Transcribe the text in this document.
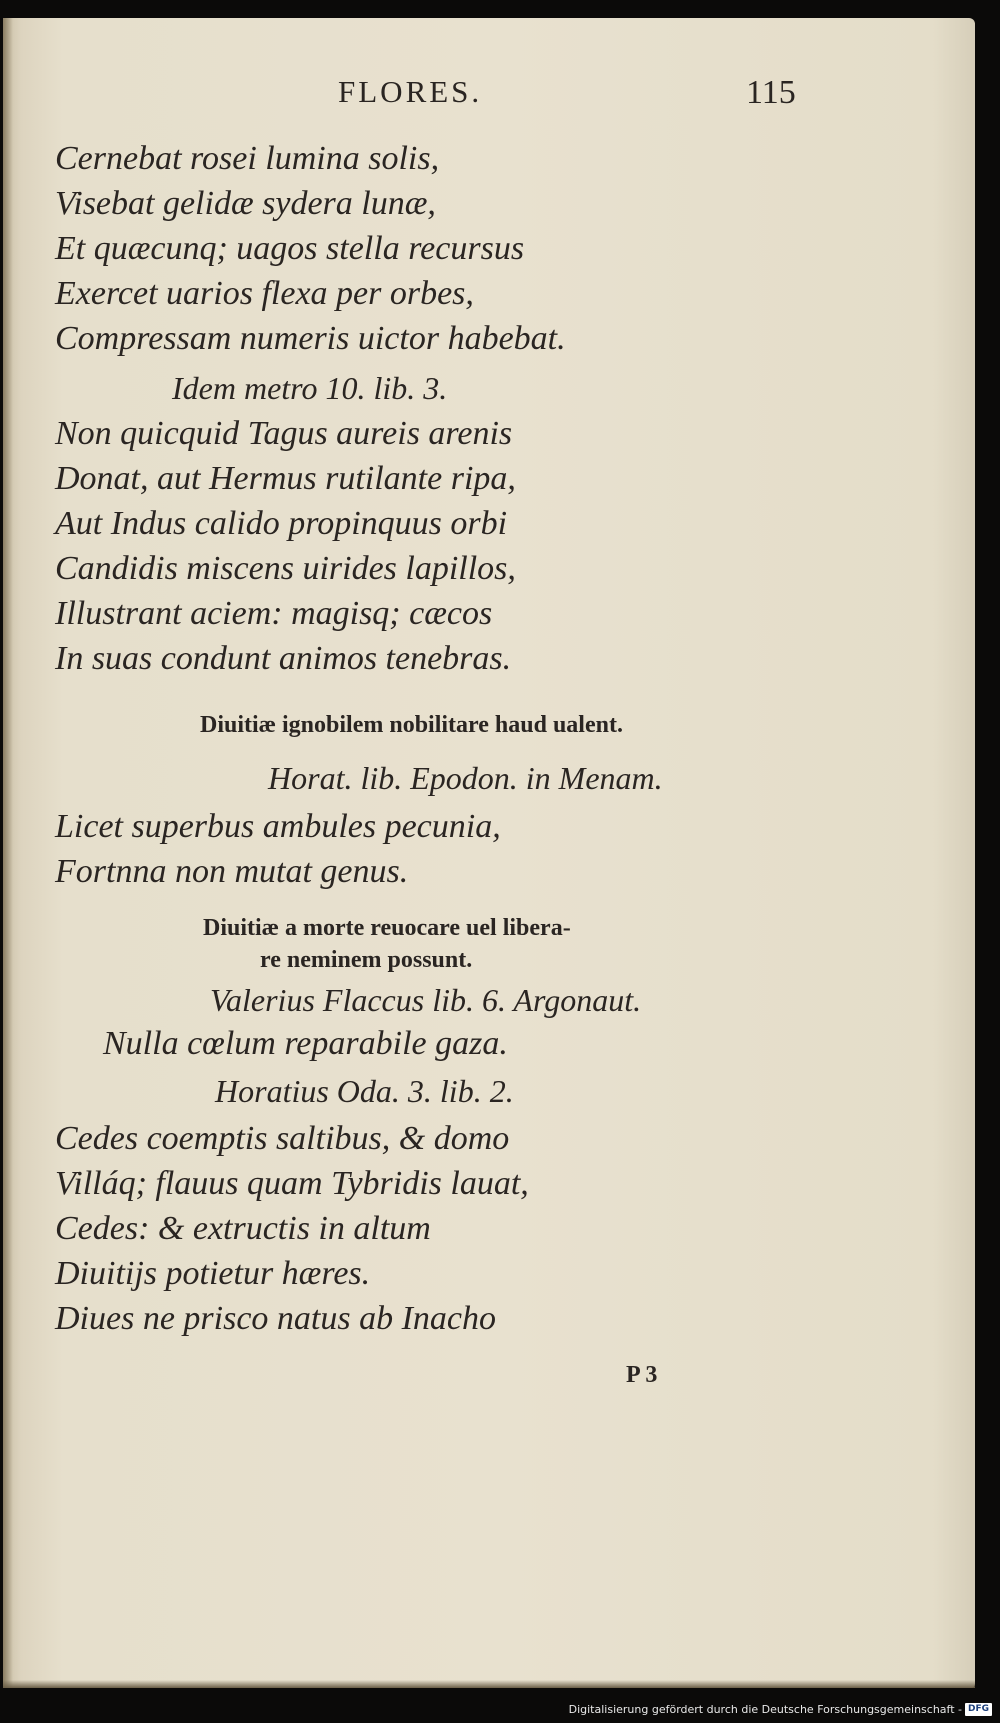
FLORES.	115
Cernebat rosei lumina solis,
Visebat gelidæ sydera lunæ,
Et quæcunq; uagos stella recursus
Exercet uarios flexa per orbes,
Compressam numeris uictor habebat.
Idem metro 10. lib. 3.
Non quicquid Tagus aureis arenis
Donat, aut Hermus rutilante ripa,
Aut Indus calido propinquus orbi
Candidis miscens uirides lapillos,
Illustrant aciem: magisq; cæcos
In suas condunt animos tenebras.
Diuitiæ ignobilem nobilitare haud ualent.
Horat. lib. Epodon. in Menam.
Licet superbus ambules pecunia,
Fortnna non mutat genus.
Diuitiæ a morte reuocare uel libera-
re neminem possunt.
Valerius Flaccus lib. 6. Argonaut.
Nulla cœlum reparabile gaza.
Horatius Oda. 3. lib. 2.
Cedes coemptis saltibus, & domo
Villáq; flauus quam Tybridis lauat,
Cedes: & extructis in altum
Diuitijs potietur hæres.
Diues ne prisco natus ab Inacho
P 3
Digitalisierung gefördert durch die Deutsche Forschungsgemeinschaft - DFG
